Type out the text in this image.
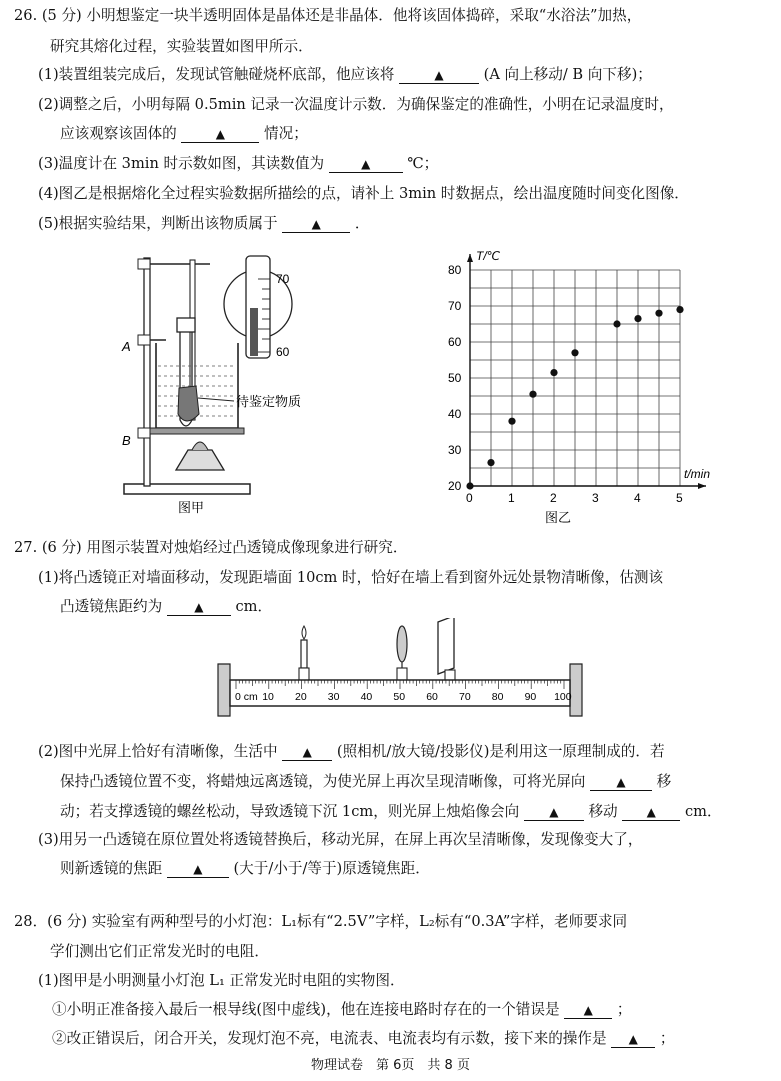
26. (5 分) 小明想鉴定一块半透明固体是晶体还是非晶体．他将该固体捣碎，采取“水浴法”加热，
研究其熔化过程，实验装置如图甲所示．
(1)装置组装完成后，发现试管触碰烧杯底部，他应该将	▲	(A 向上移动/ B 向下移)；
(2)调整之后，小明每隔 0.5min 记录一次温度计示数．为确保鉴定的准确性，小明在记录温度时，
应该观察该固体的	▲	情况；
(3)温度计在 3min 时示数如图，其读数值为	▲	℃；
(4)图乙是根据熔化全过程实验数据所描绘的点，请补上 3min 时数据点，绘出温度随时间变化图像．
(5)根据实验结果，判断出该物质属于	▲ ．
70
60
A
B
待鉴定物质
图甲
0	1	2	3	4	5
20
30
40
50
60
70
80
T/℃
t/min
图乙
27. (6 分) 用图示装置对烛焰经过凸透镜成像现象进行研究．
(1)将凸透镜正对墙面移动，发现距墙面 10cm 时，恰好在墙上看到窗外远处景物清晰像，估测该
凸透镜焦距约为	▲ cm．
0 cm 10 20 30 40 50 60 70 80 90 100
(2)图中光屏上恰好有清晰像，生活中 ▲ (照相机/放大镜/投影仪)是利用这一原理制成的．若
保持凸透镜位置不变，将蜡烛远离透镜，为使光屏上再次呈现清晰像，可将光屏向	▲ 移
动；若支撑透镜的螺丝松动，导致透镜下沉 1cm，则光屏上烛焰像会向	▲ 移动 ▲ cm．
(3)用另一凸透镜在原位置处将透镜替换后，移动光屏，在屏上再次呈清晰像，发现像变大了，
则新透镜的焦距	▲ (大于/小于/等于)原透镜焦距．
28．(6 分) 实验室有两种型号的小灯泡：L₁标有“2.5V”字样，L₂标有“0.3A”字样，老师要求同
学们测出它们正常发光时的电阻．
(1)图甲是小明测量小灯泡 L₁ 正常发光时电阻的实物图．
①小明正准备接入最后一根导线(图中虚线)，他在连接电路时存在的一个错误是 ▲ ；
②改正错误后，闭合开关，发现灯泡不亮，电流表、电流表均有示数，接下来的操作是 ▲ ；
物理试卷　第 6页　共 8 页
